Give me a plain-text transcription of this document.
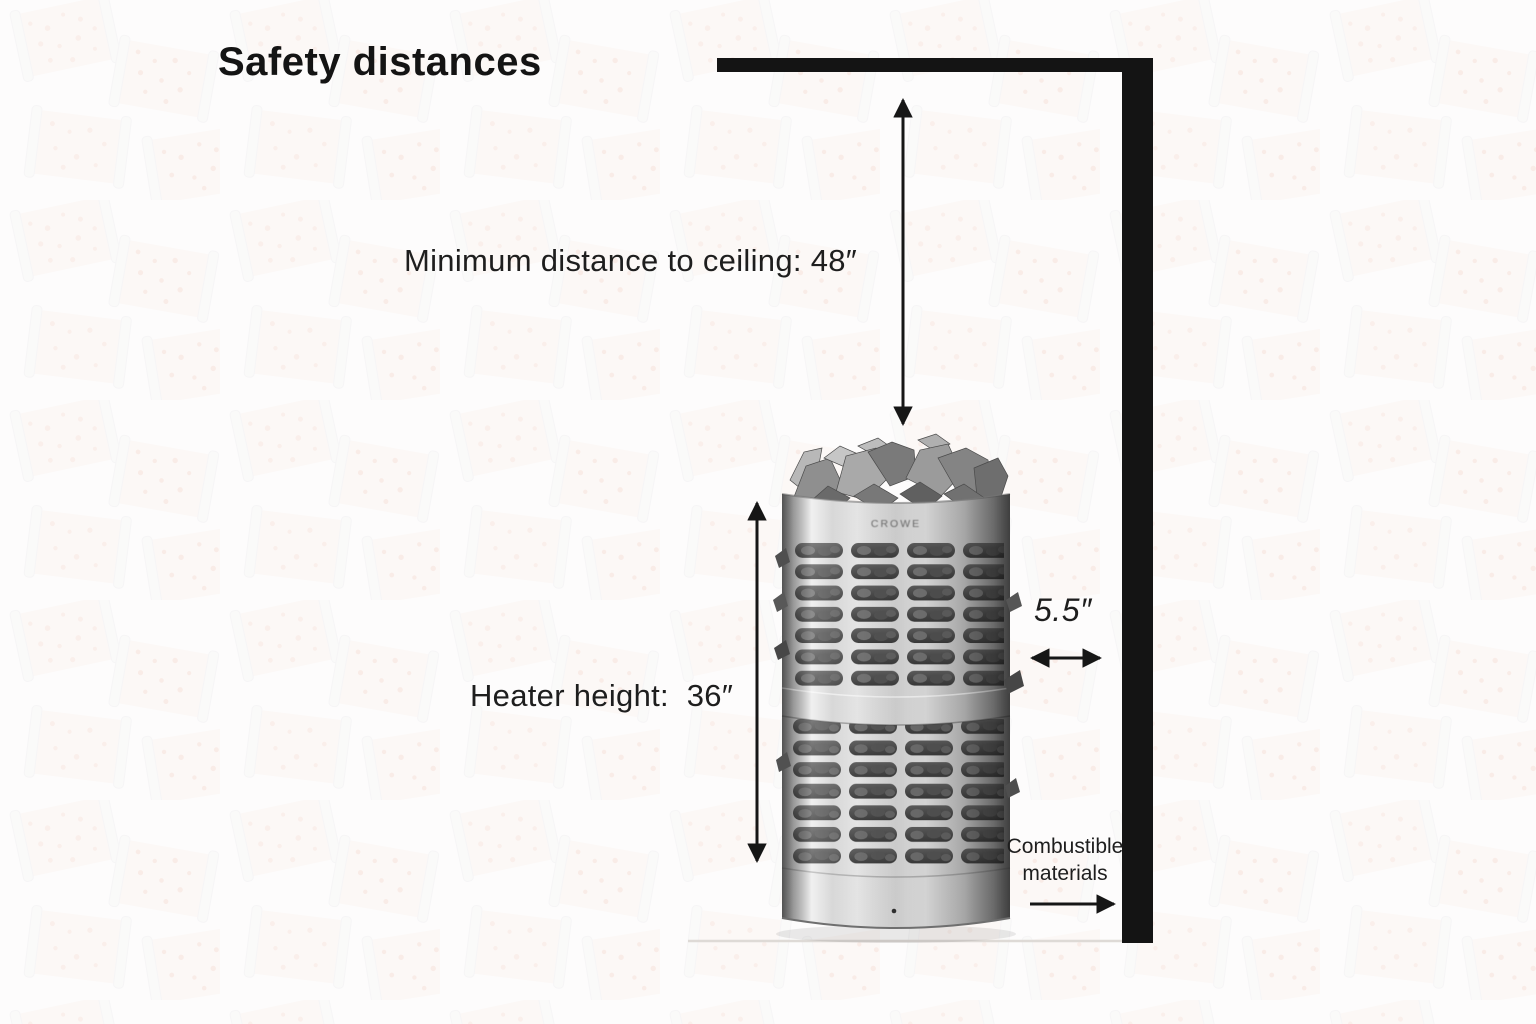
CROWE
Safety distances
Minimum distance to ceiling: 48″
Heater height:  36″
5.5″
Combustible
materials
